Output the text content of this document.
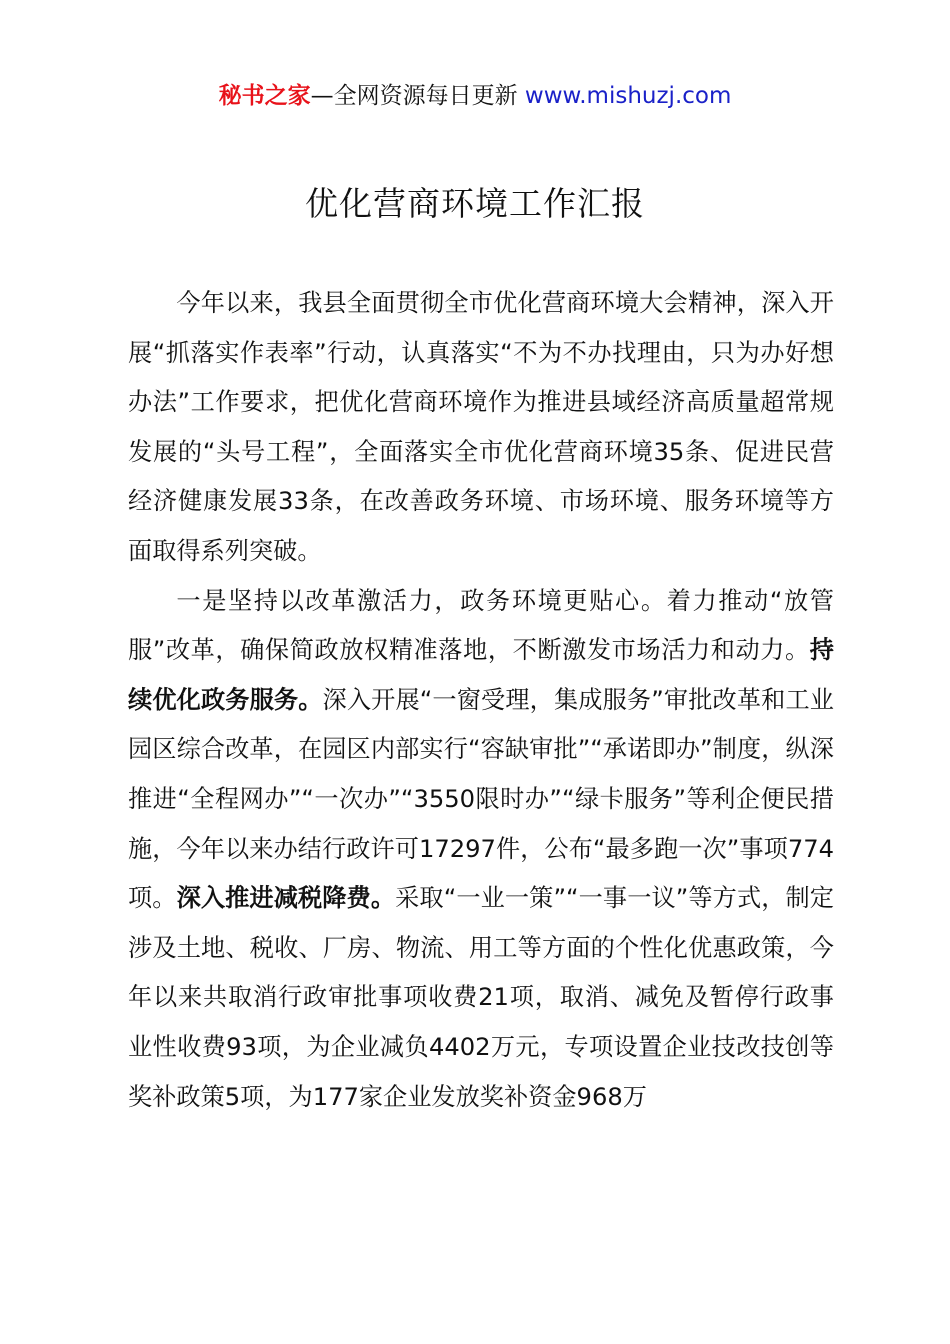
秘书之家—全网资源每日更新 www.mishuzj.com
优化营商环境工作汇报

今年以来，我县全面贯彻全市优化营商环境大会精神，深入开展“抓落实作表率”行动，认真落实“不为不办找理由，只为办好想办法”工作要求，把优化营商环境作为推进县域经济高质量超常规发展的“头号工程”，全面落实全市优化营商环境35条、促进民营经济健康发展33条，在改善政务环境、市场环境、服务环境等方面取得系列突破。

一是坚持以改革激活力，政务环境更贴心。着力推动“放管服”改革，确保简政放权精准落地，不断激发市场活力和动力。持续优化政务服务。深入开展“一窗受理，集成服务”审批改革和工业园区综合改革，在园区内部实行“容缺审批”“承诺即办”制度，纵深推进“全程网办”“一次办”“3550限时办”“绿卡服务”等利企便民措施，今年以来办结行政许可17297件，公布“最多跑一次”事项774项。深入推进减税降费。采取“一业一策”“一事一议”等方式，制定涉及土地、税收、厂房、物流、用工等方面的个性化优惠政策，今年以来共取消行政审批事项收费21项，取消、减免及暂停行政事业性收费93项，为企业减负4402万元，专项设置企业技改技创等奖补政策5项，为177家企业发放奖补资金968万
